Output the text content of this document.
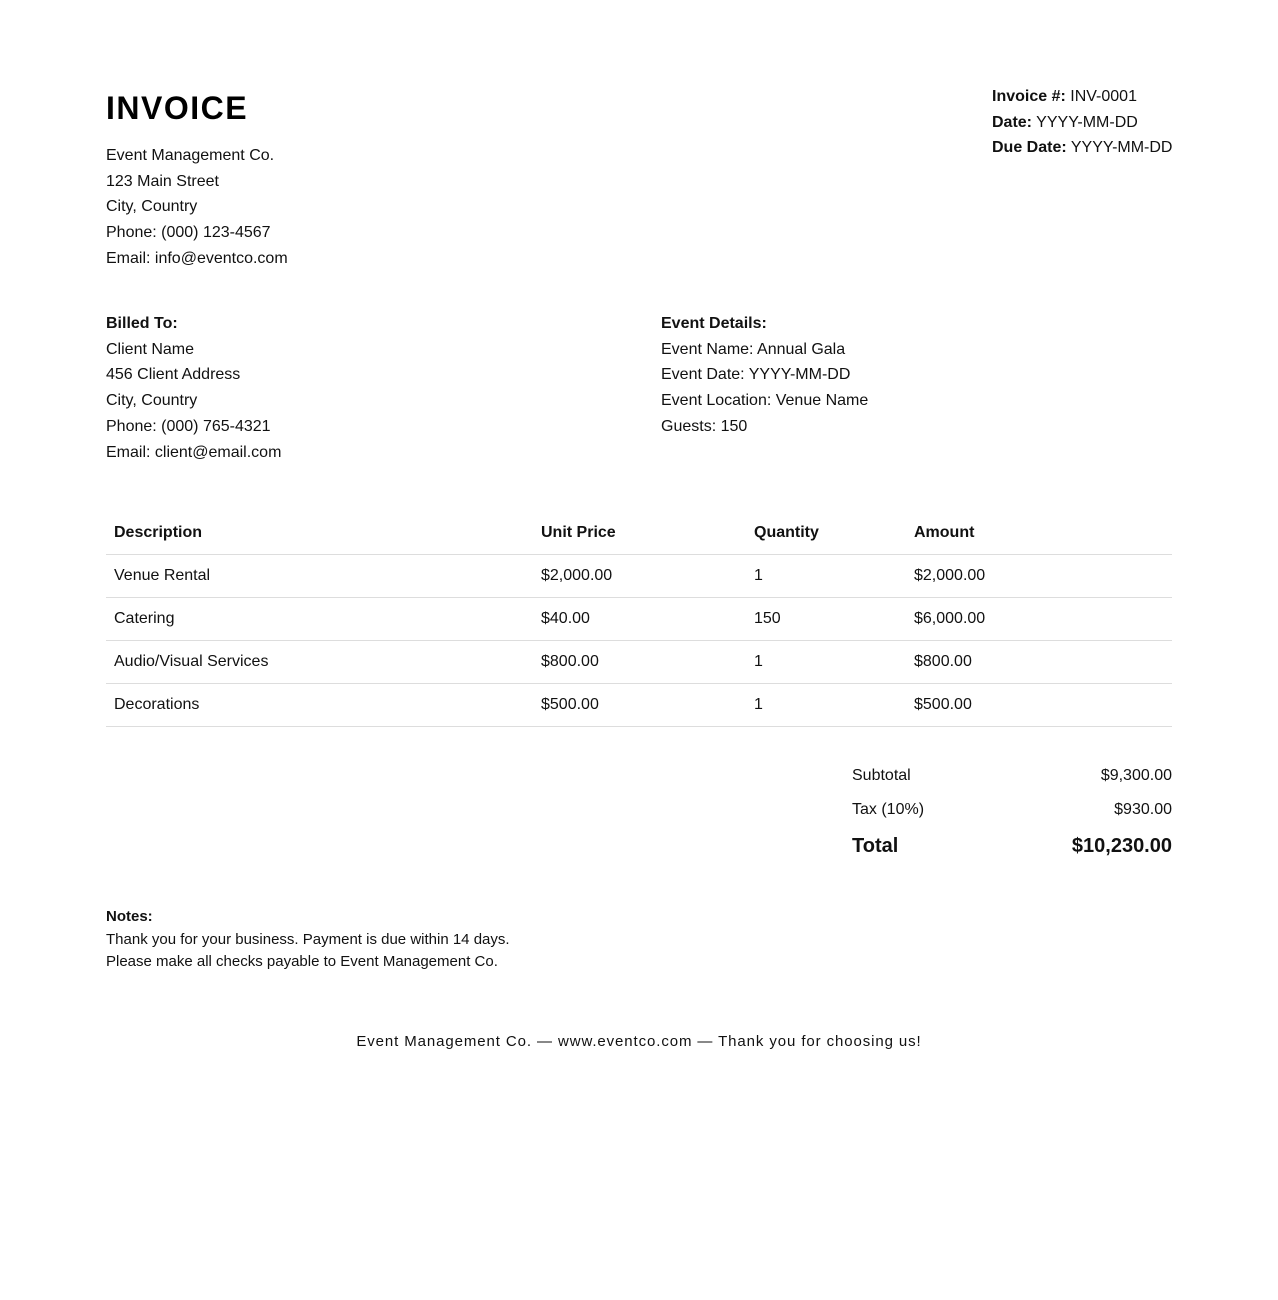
INVOICE
Event Management Co.
123 Main Street
City, Country
Phone: (000) 123-4567
Email: info@eventco.com
Invoice #: INV-0001
Date: YYYY-MM-DD
Due Date: YYYY-MM-DD
Billed To:
Client Name
456 Client Address
City, Country
Phone: (000) 765-4321
Email: client@email.com
Event Details:
Event Name: Annual Gala
Event Date: YYYY-MM-DD
Event Location: Venue Name
Guests: 150
Description	Unit Price	Quantity	Amount
Venue Rental	$2,000.00	1	$2,000.00
Catering	$40.00	150	$6,000.00
Audio/Visual Services	$800.00	1	$800.00
Decorations	$500.00	1	$500.00
Subtotal	$9,300.00
Tax (10%)	$930.00
Total	$10,230.00
Notes:
Thank you for your business. Payment is due within 14 days.
Please make all checks payable to Event Management Co.
Event Management Co. — www.eventco.com — Thank you for choosing us!
